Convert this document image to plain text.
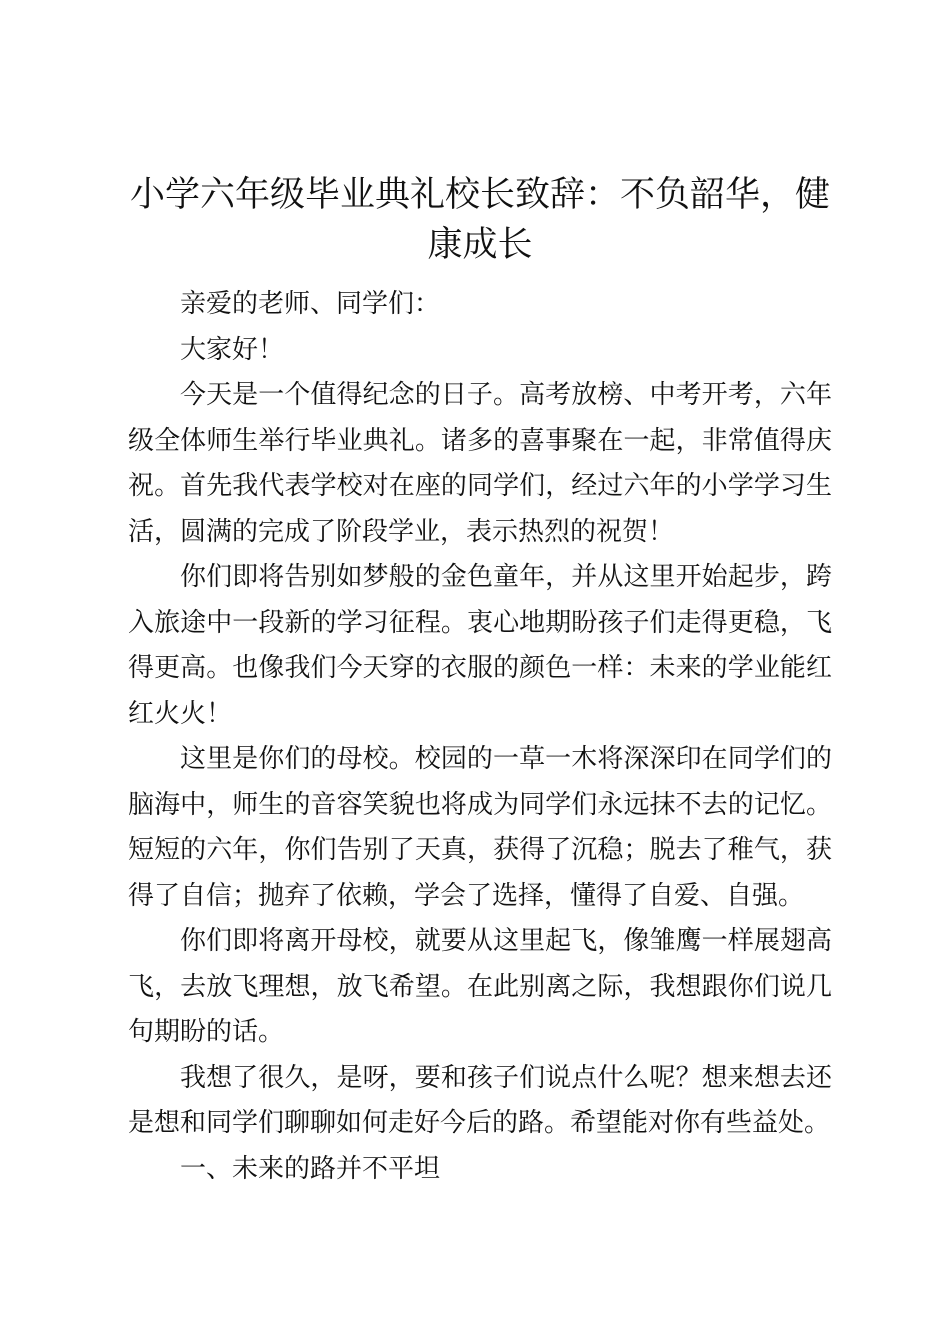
小学六年级毕业典礼校长致辞：不负韶华，健康成长

亲爱的老师、同学们：

大家好！

今天是一个值得纪念的日子。高考放榜、中考开考，六年级全体师生举行毕业典礼。诸多的喜事聚在一起，非常值得庆祝。首先我代表学校对在座的同学们，经过六年的小学学习生活，圆满的完成了阶段学业，表示热烈的祝贺！

你们即将告别如梦般的金色童年，并从这里开始起步，跨入旅途中一段新的学习征程。衷心地期盼孩子们走得更稳，飞得更高。也像我们今天穿的衣服的颜色一样：未来的学业能红红火火！

这里是你们的母校。校园的一草一木将深深印在同学们的脑海中，师生的音容笑貌也将成为同学们永远抹不去的记忆。短短的六年，你们告别了天真，获得了沉稳；脱去了稚气，获得了自信；抛弃了依赖，学会了选择，懂得了自爱、自强。

你们即将离开母校，就要从这里起飞，像雏鹰一样展翅高飞，去放飞理想，放飞希望。在此别离之际，我想跟你们说几句期盼的话。

我想了很久，是呀，要和孩子们说点什么呢？想来想去还是想和同学们聊聊如何走好今后的路。希望能对你有些益处。

一、未来的路并不平坦
